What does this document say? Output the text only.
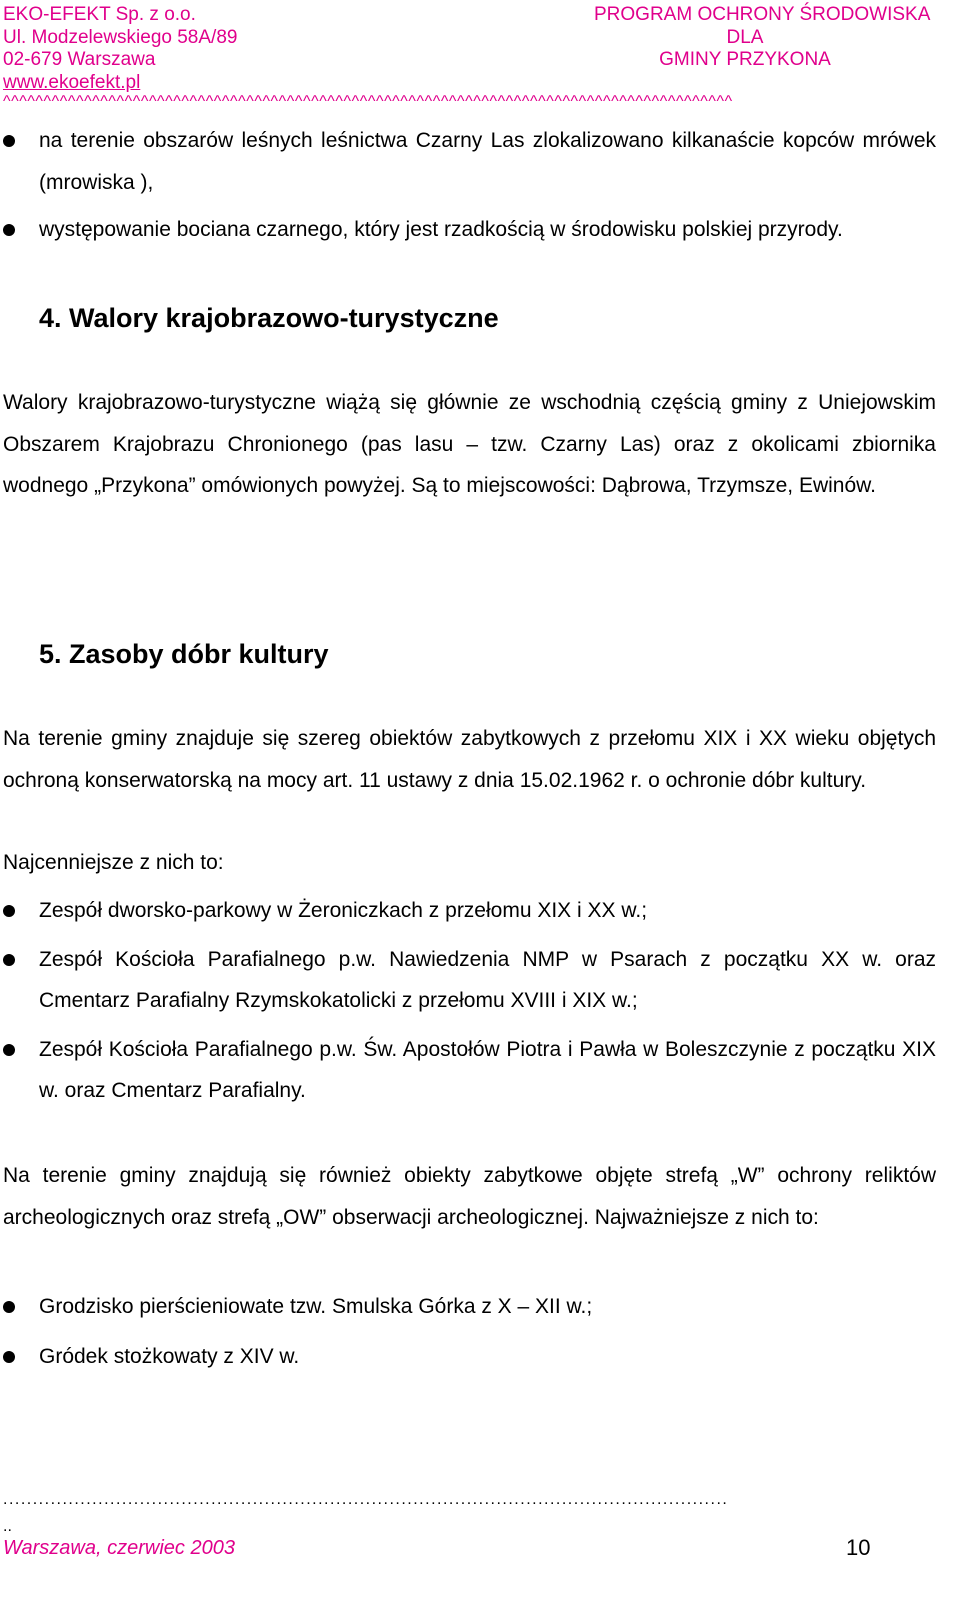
EKO-EFEKT Sp. z o.o.
Ul. Modzelewskiego 58A/89
02-679 Warszawa
www.ekoefekt.pl
PROGRAM OCHRONY ŚRODOWISKA
DLA
GMINY PRZYKONA
^^^^^^^^^^^^^^^^^^^^^^^^^^^^^^^^^^^^^^^^^^^^^^^^^^^^^^^^^^^^^^^^^^^^^^^^^^^^^^^^^^^^^^^^^^
na terenie obszarów leśnych leśnictwa Czarny Las zlokalizowano kilkanaście kopców mrówek (mrowiska ),
występowanie bociana czarnego, który jest rzadkością w środowisku polskiej przyrody.
4. Walory krajobrazowo-turystyczne

Walory krajobrazowo-turystyczne wiążą się głównie ze wschodnią częścią gminy z Uniejowskim Obszarem Krajobrazu Chronionego (pas lasu – tzw. Czarny Las) oraz z okolicami zbiornika wodnego „Przykona” omówionych powyżej. Są to miejscowości: Dąbrowa, Trzymsze, Ewinów.

5. Zasoby dóbr kultury

Na terenie gminy znajduje się szereg obiektów zabytkowych z przełomu XIX i XX wieku objętych ochroną konserwatorską na mocy art. 11 ustawy z dnia 15.02.1962 r. o ochronie dóbr kultury.

Najcenniejsze z nich to:

Zespół dworsko-parkowy w Żeroniczkach z przełomu XIX i XX w.;
Zespół Kościoła Parafialnego p.w. Nawiedzenia NMP w Psarach z początku XX w. oraz Cmentarz Parafialny Rzymskokatolicki z przełomu XVIII i XIX w.;
Zespół Kościoła Parafialnego p.w. Św. Apostołów Piotra i Pawła w Boleszczynie z początku XIX w. oraz Cmentarz Parafialny.

Na terenie gminy znajdują się również obiekty zabytkowe objęte strefą „W” ochrony reliktów archeologicznych oraz strefą „OW” obserwacji archeologicznej. Najważniejsze z nich to:

Grodzisko pierścieniowate tzw. Smulska Górka z X – XII w.;
Gródek stożkowaty z XIV w.
..........................................................................................................................
..
Warszawa, czerwiec 2003	10
